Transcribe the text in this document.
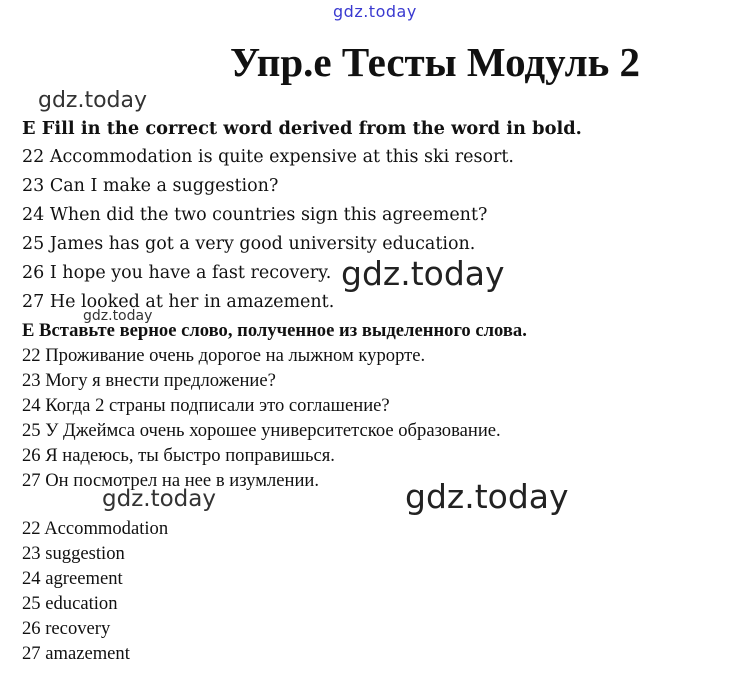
gdz.today
Упр.е Тесты Модуль 2
gdz.today
E Fill in the correct word derived from the word in bold.
22 Accommodation is quite expensive at this ski resort.
23 Can I make a suggestion?
24 When did the two countries sign this agreement?
25 James has got a very good university education.
26 I hope you have a fast recovery.
27 He looked at her in amazement.
gdz.today
gdz.today
Е Вставьте верное слово, полученное из выделенного слова.
22 Проживание очень дорогое на лыжном курорте.
23 Могу я внести предложение?
24 Когда 2 страны подписали это соглашение?
25 У Джеймса очень хорошее университетское образование.
26 Я надеюсь, ты быстро поправишься.
27 Он посмотрел на нее в изумлении.
gdz.today	gdz.today
22 Accommodation
23 suggestion
24 agreement
25 education
26 recovery
27 amazement
